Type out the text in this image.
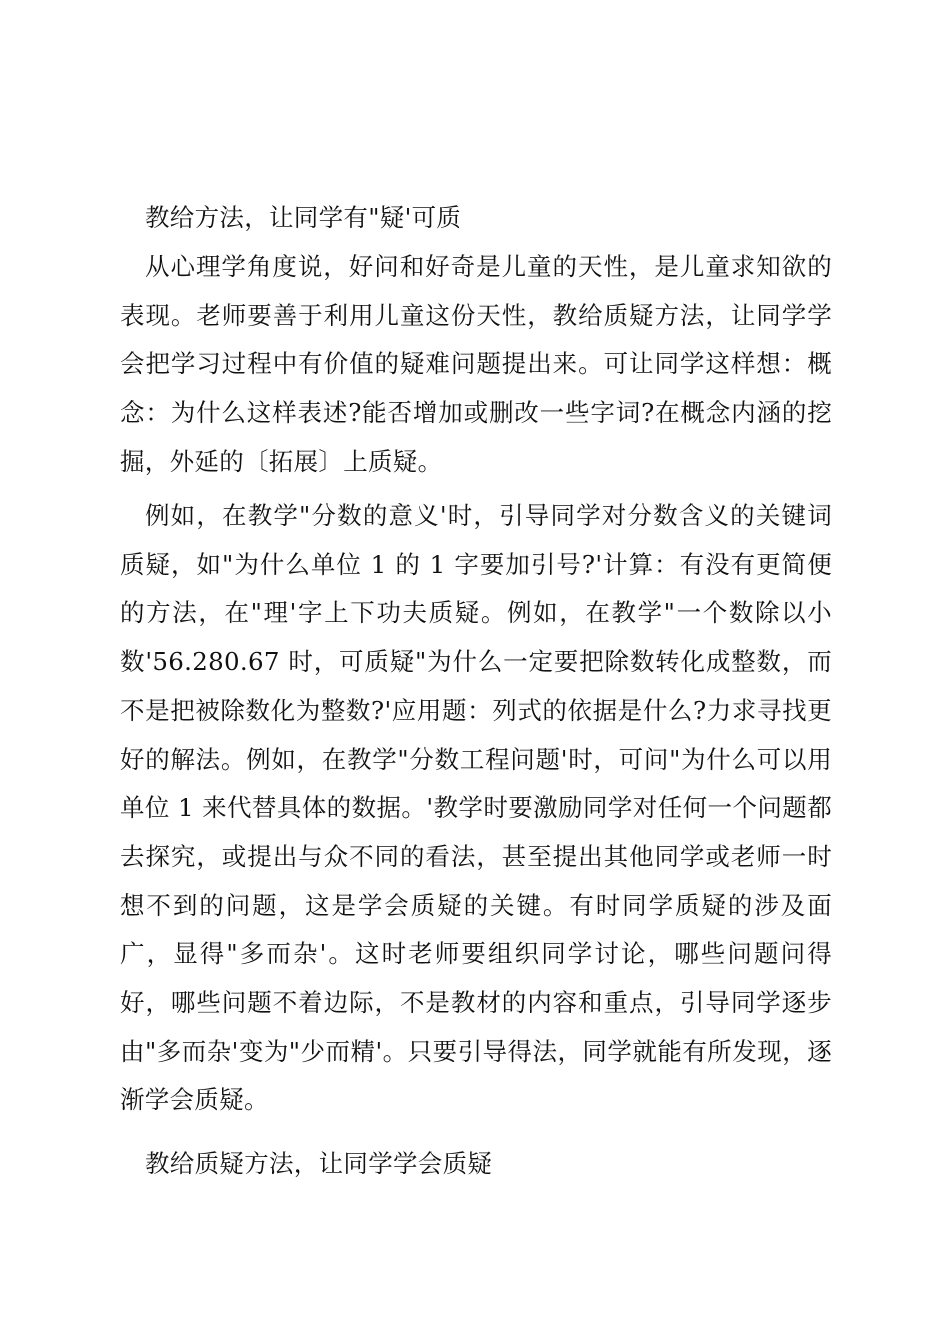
教给方法，让同学有"疑'可质

从心理学角度说，好问和好奇是儿童的天性，是儿童求知欲的表现。老师要善于利用儿童这份天性，教给质疑方法，让同学学会把学习过程中有价值的疑难问题提出来。可让同学这样想：概念：为什么这样表述?能否增加或删改一些字词?在概念内涵的挖掘，外延的〔拓展〕上质疑。

例如，在教学"分数的意义'时，引导同学对分数含义的关键词质疑，如"为什么单位 1 的 1 字要加引号?'计算：有没有更简便的方法，在"理'字上下功夫质疑。例如，在教学"一个数除以小数'56.280.67 时，可质疑"为什么一定要把除数转化成整数，而不是把被除数化为整数?'应用题：列式的依据是什么?力求寻找更好的解法。例如，在教学"分数工程问题'时，可问"为什么可以用单位 1 来代替具体的数据。'教学时要激励同学对任何一个问题都去探究，或提出与众不同的看法，甚至提出其他同学或老师一时想不到的问题，这是学会质疑的关键。有时同学质疑的涉及面广，显得"多而杂'。这时老师要组织同学讨论，哪些问题问得好，哪些问题不着边际，不是教材的内容和重点，引导同学逐步由"多而杂'变为"少而精'。只要引导得法，同学就能有所发现，逐渐学会质疑。

教给质疑方法，让同学学会质疑
